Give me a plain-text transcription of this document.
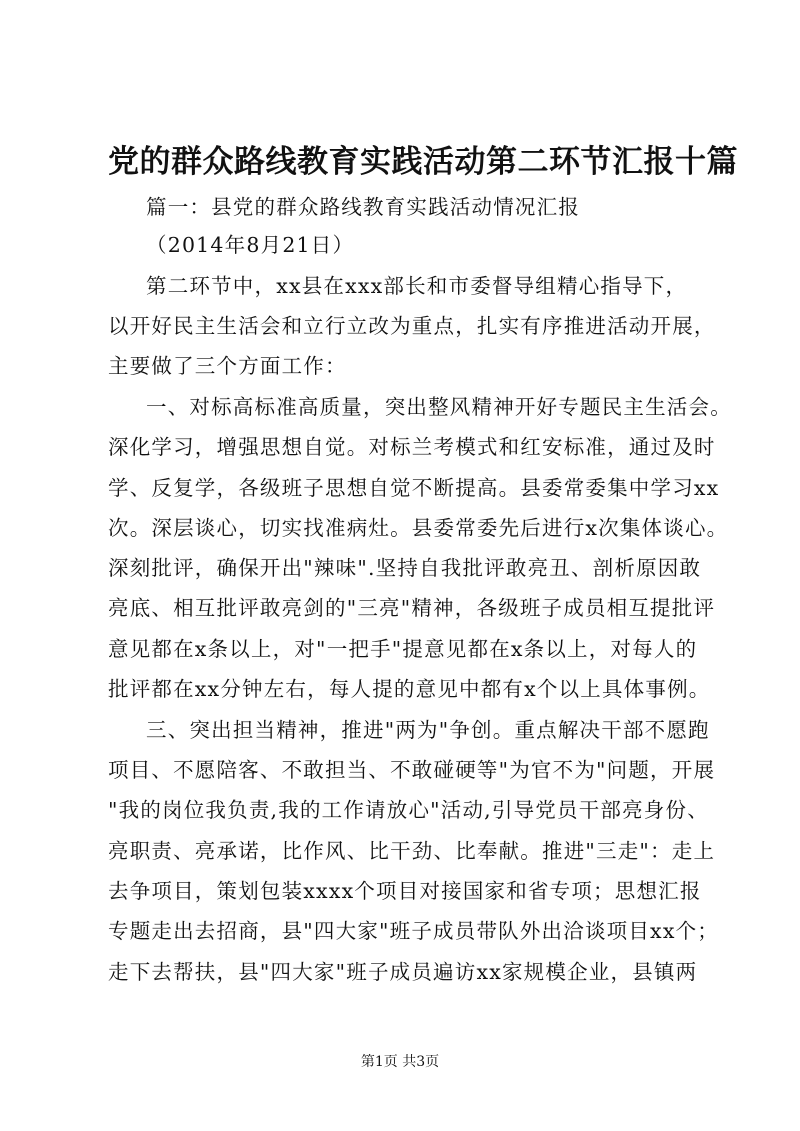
党的群众路线教育实践活动第二环节汇报十篇
篇一：县党的群众路线教育实践活动情况汇报
（2014年8月21日）
第二环节中，xx县在xxx部长和市委督导组精心指导下，
以开好民主生活会和立行立改为重点，扎实有序推进活动开展，
主要做了三个方面工作：
一、对标高标准高质量，突出整风精神开好专题民主生活会。
深化学习，增强思想自觉。对标兰考模式和红安标准，通过及时
学、反复学，各级班子思想自觉不断提高。县委常委集中学习xx
次。深层谈心，切实找准病灶。县委常委先后进行x次集体谈心。
深刻批评，确保开出"辣味".坚持自我批评敢亮丑、剖析原因敢
亮底、相互批评敢亮剑的"三亮"精神，各级班子成员相互提批评
意见都在x条以上，对"一把手"提意见都在x条以上，对每人的
批评都在xx分钟左右，每人提的意见中都有x个以上具体事例。
三、突出担当精神，推进"两为"争创。重点解决干部不愿跑
项目、不愿陪客、不敢担当、不敢碰硬等"为官不为"问题，开展
"我的岗位我负责,我的工作请放心"活动,引导党员干部亮身份、
亮职责、亮承诺，比作风、比干劲、比奉献。推进"三走"：走上
去争项目，策划包装xxxx个项目对接国家和省专项；思想汇报
专题走出去招商，县"四大家"班子成员带队外出洽谈项目xx个；
走下去帮扶，县"四大家"班子成员遍访xx家规模企业，县镇两
第1页 共3页
